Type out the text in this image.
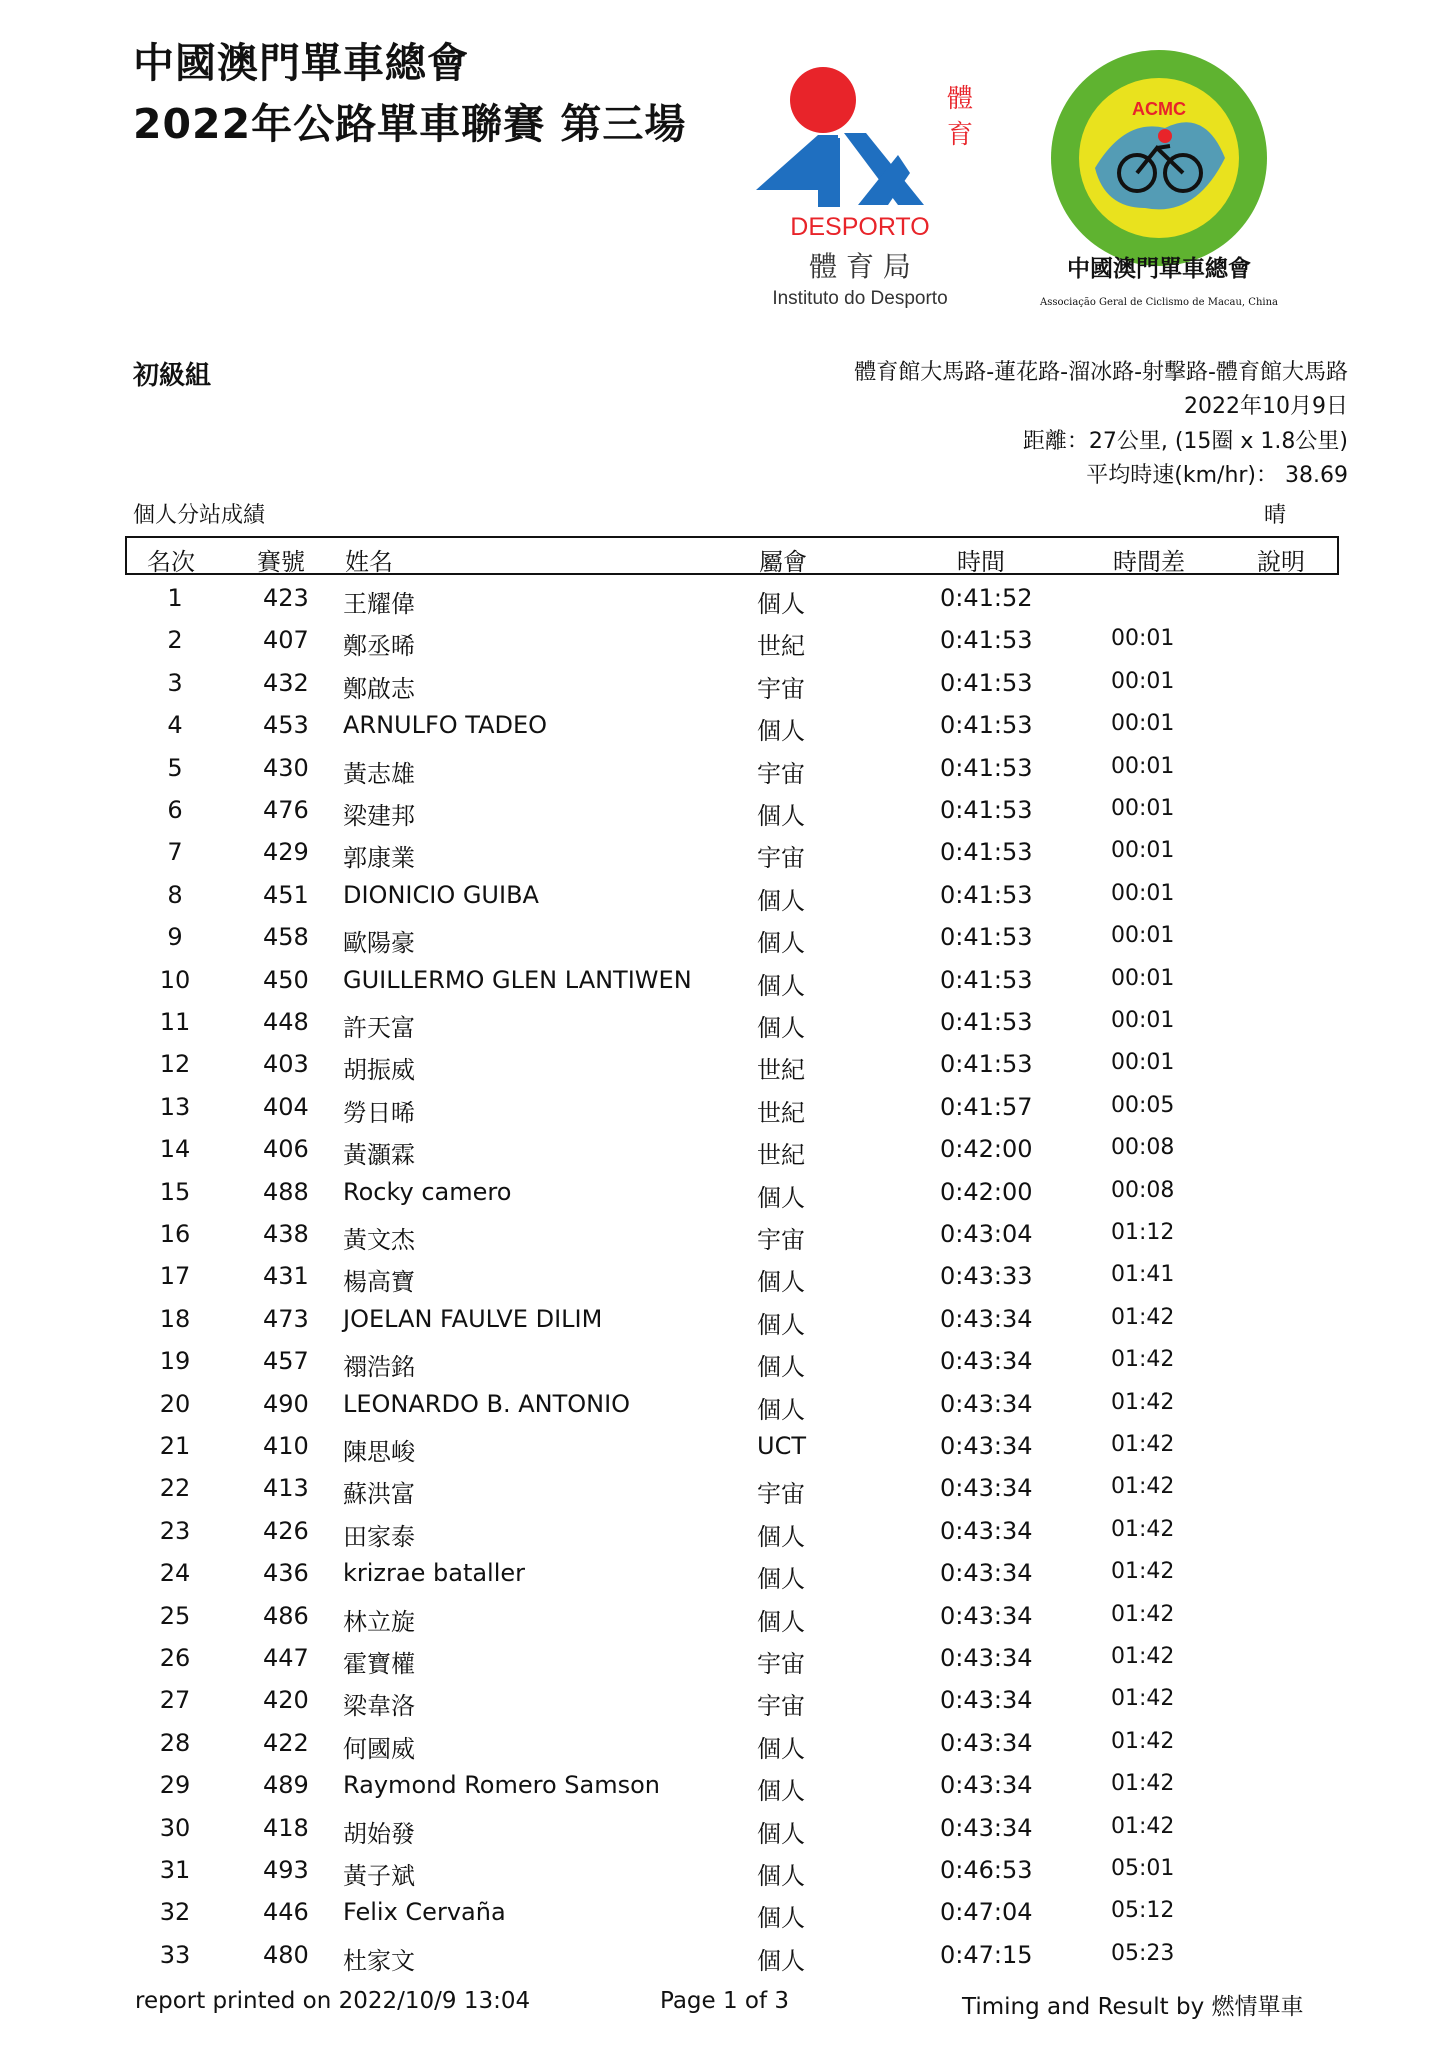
中國澳門單車總會
2022年公路單車聯賽 第三場
體
育
DESPORTO
體 育 局
Instituto do Desporto
ACMC
中國澳門單車總會
Associação Geral de Ciclismo de Macau, China
初級組	體育館大馬路-蓮花路-溜冰路-射擊路-體育館大馬路
2022年10月9日
距離：27公里, (15圈 x 1.8公里)
平均時速(km/hr)： 38.69
個人分站成績	晴
名次	賽號 姓名	屬會	時間	時間差	說明
1	423 王耀偉	個人	0:41:52
2	407 鄭丞晞	世紀	0:41:53	00:01
3	432 鄭啟志	宇宙	0:41:53	00:01
4	453 ARNULFO TADEO	個人	0:41:53	00:01
5	430 黃志雄	宇宙	0:41:53	00:01
6	476 梁建邦	個人	0:41:53	00:01
7	429 郭康業	宇宙	0:41:53	00:01
8	451 DIONICIO GUIBA	個人	0:41:53	00:01
9	458 歐陽豪	個人	0:41:53	00:01
10	450 GUILLERMO GLEN LANTIWEN	個人	0:41:53	00:01
11	448 許天富	個人	0:41:53	00:01
12	403 胡振威	世紀	0:41:53	00:01
13	404 勞日晞	世紀	0:41:57	00:05
14	406 黃灝霖	世紀	0:42:00	00:08
15	488 Rocky camero	個人	0:42:00	00:08
16	438 黃文杰	宇宙	0:43:04	01:12
17	431 楊高寶	個人	0:43:33	01:41
18	473 JOELAN FAULVE DILIM	個人	0:43:34	01:42
19	457 禤浩銘	個人	0:43:34	01:42
20	490 LEONARDO B. ANTONIO	個人	0:43:34	01:42
21	410 陳思峻	UCT	0:43:34	01:42
22	413 蘇洪富	宇宙	0:43:34	01:42
23	426 田家泰	個人	0:43:34	01:42
24	436 krizrae bataller	個人	0:43:34	01:42
25	486 林立旋	個人	0:43:34	01:42
26	447 霍寶權	宇宙	0:43:34	01:42
27	420 梁韋洛	宇宙	0:43:34	01:42
28	422 何國威	個人	0:43:34	01:42
29	489 Raymond Romero Samson	個人	0:43:34	01:42
30	418 胡始發	個人	0:43:34	01:42
31	493 黃子斌	個人	0:46:53	05:01
32	446 Felix Cervaña	個人	0:47:04	05:12
33	480 杜家文	個人	0:47:15	05:23
report printed on 2022/10/9 13:04	Page 1 of 3	Timing and Result by 燃情單車
